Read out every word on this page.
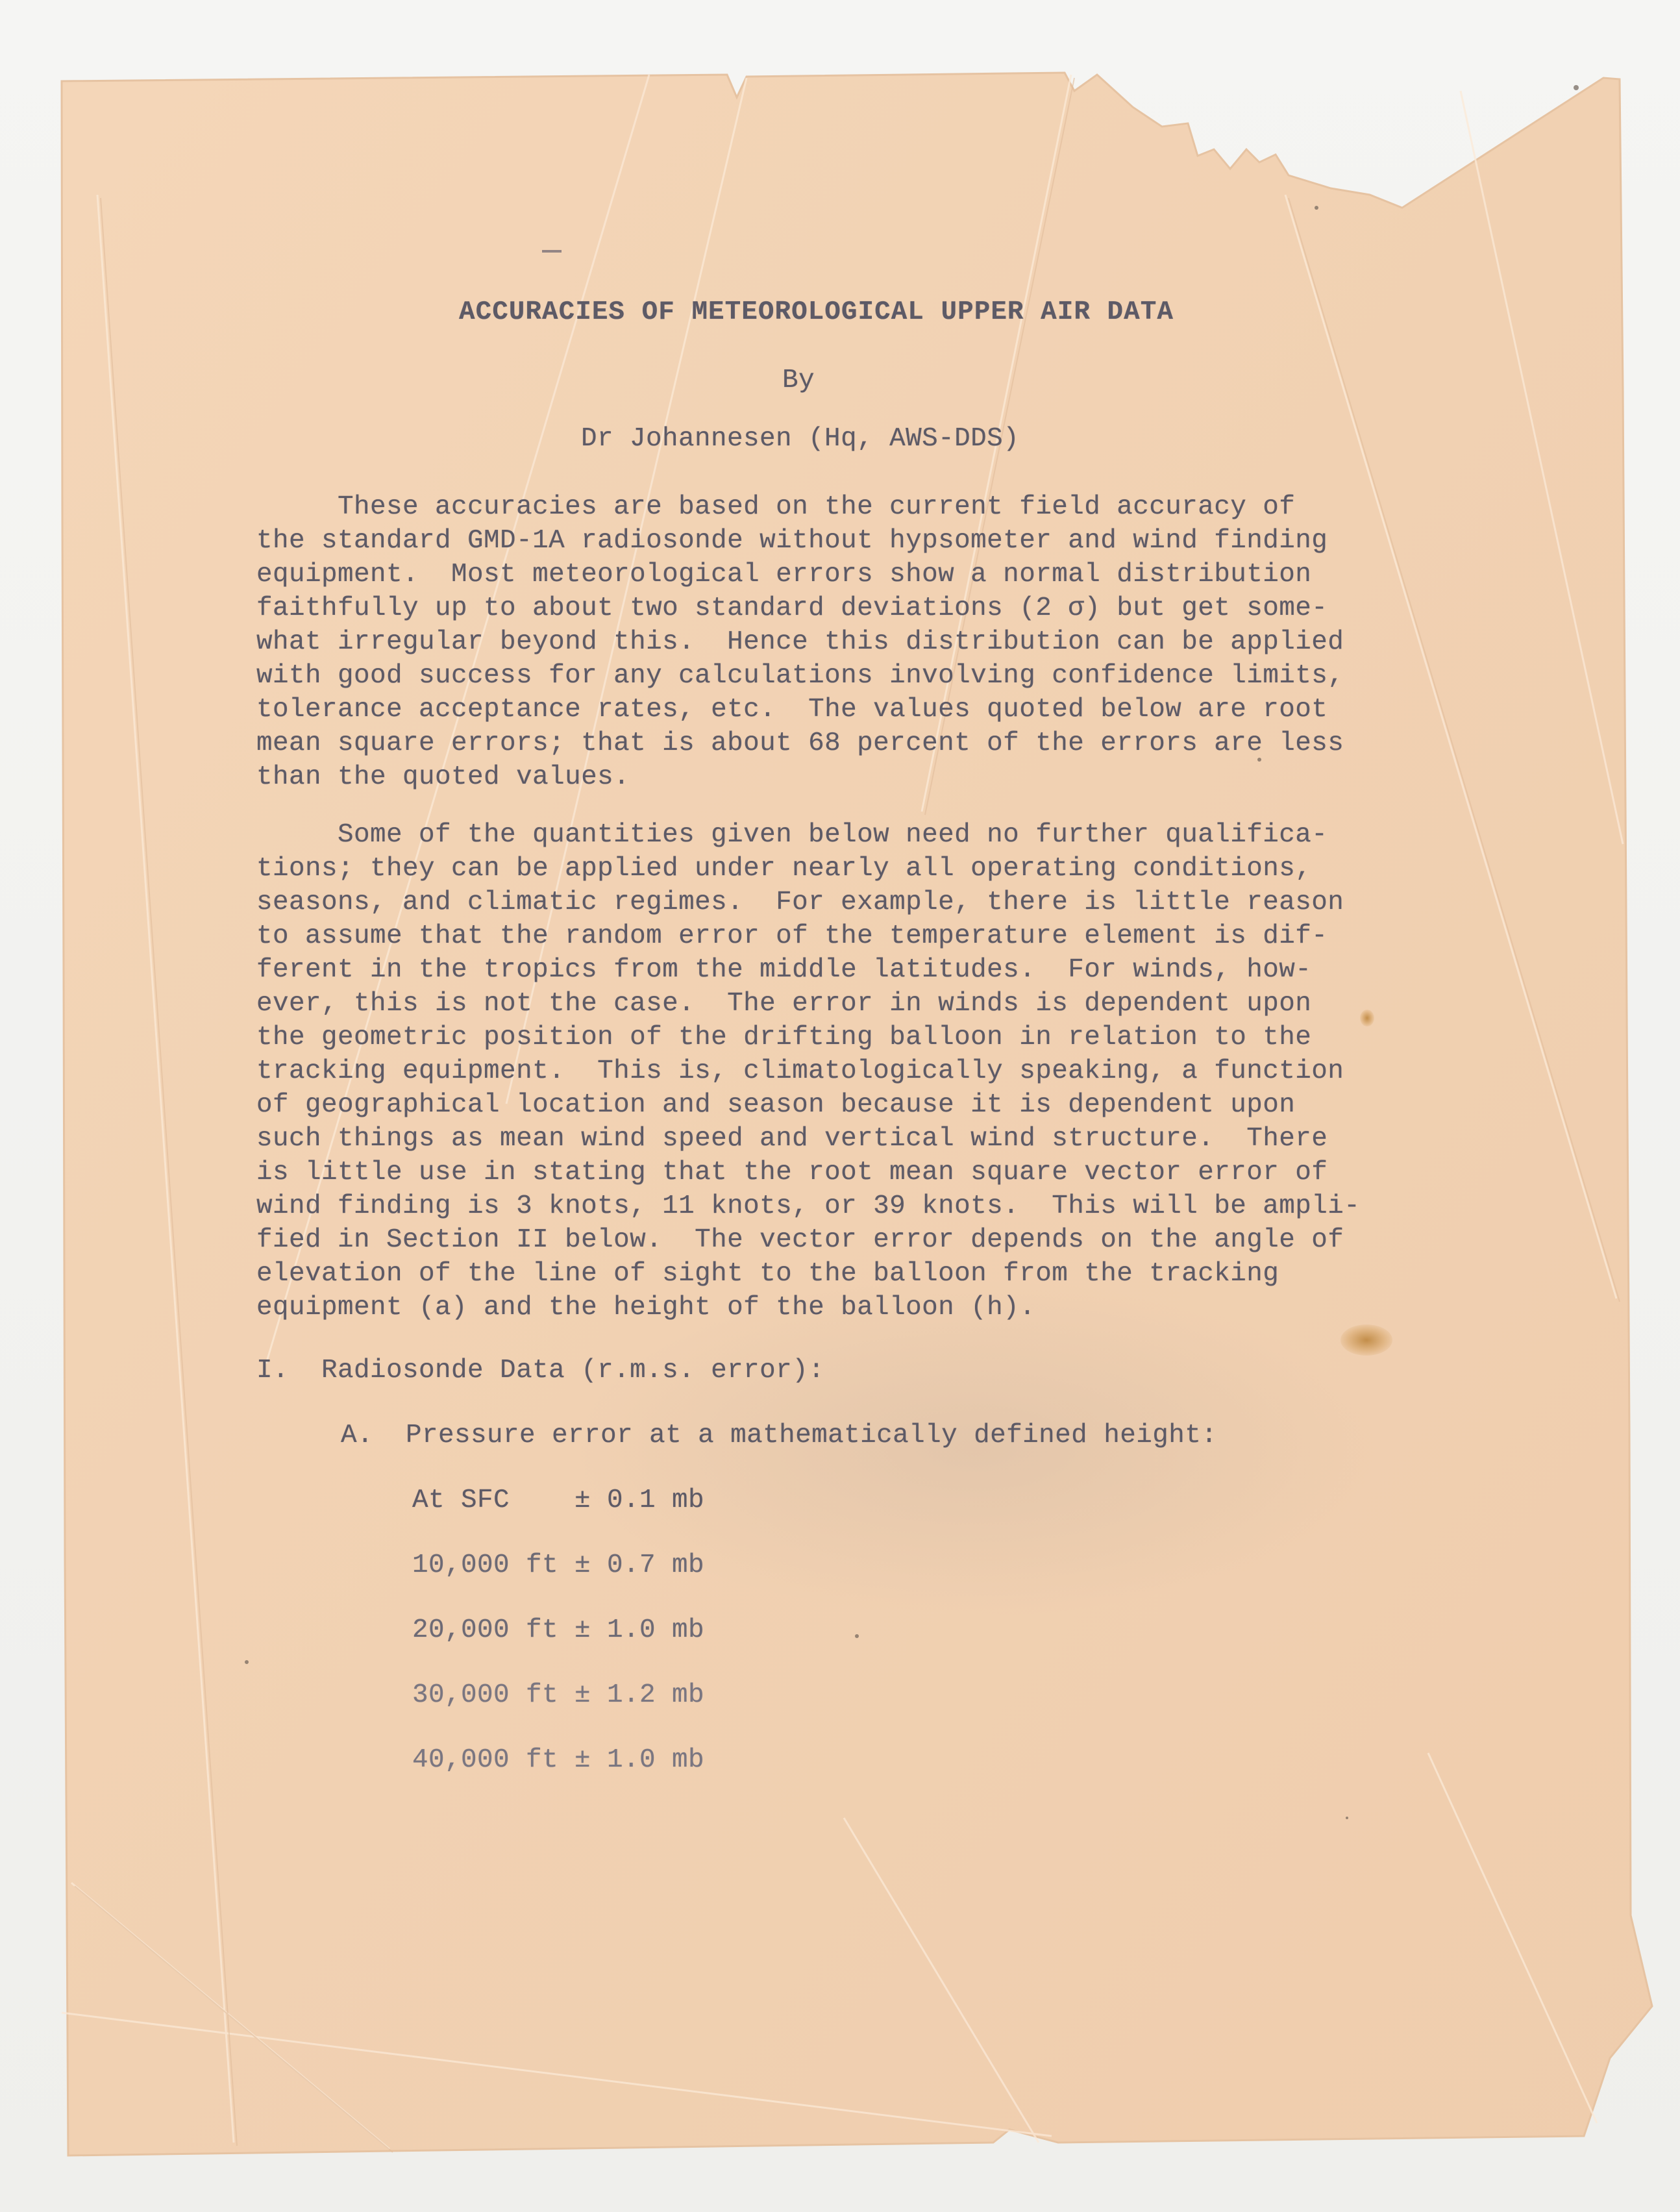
ACCURACIES OF METEOROLOGICAL UPPER AIR DATA
By
Dr Johannesen (Hq, AWS-DDS)
These accuracies are based on the current field accuracy of
the standard GMD-1A radiosonde without hypsometer and wind finding
equipment.  Most meteorological errors show a normal distribution
faithfully up to about two standard deviations (2 σ) but get some-
what irregular beyond this.  Hence this distribution can be applied
with good success for any calculations involving confidence limits,
tolerance acceptance rates, etc.  The values quoted below are root
mean square errors; that is about 68 percent of the errors are less
than the quoted values.
Some of the quantities given below need no further qualifica-
tions; they can be applied under nearly all operating conditions,
seasons, and climatic regimes.  For example, there is little reason
to assume that the random error of the temperature element is dif-
ferent in the tropics from the middle latitudes.  For winds, how-
ever, this is not the case.  The error in winds is dependent upon
the geometric position of the drifting balloon in relation to the
tracking equipment.  This is, climatologically speaking, a function
of geographical location and season because it is dependent upon
such things as mean wind speed and vertical wind structure.  There
is little use in stating that the root mean square vector error of
wind finding is 3 knots, 11 knots, or 39 knots.  This will be ampli-
fied in Section II below.  The vector error depends on the angle of
elevation of the line of sight to the balloon from the tracking
equipment (a) and the height of the balloon (h).
I.  Radiosonde Data (r.m.s. error):
A.  Pressure error at a mathematically defined height:
At SFC ± 0.1 mb
10,000 ft ± 0.7 mb
20,000 ft ± 1.0 mb
30,000 ft ± 1.2 mb
40,000 ft ± 1.0 mb
